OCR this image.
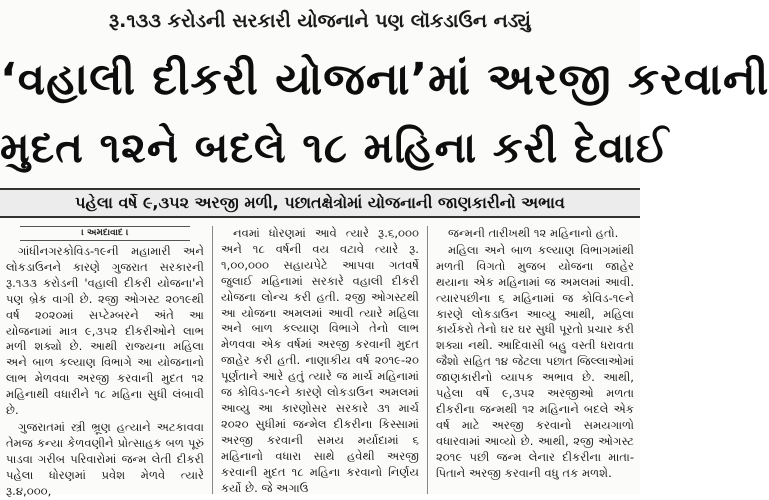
રૂ.૧૩૩ કરોડની સરકારી યોજનાને પણ લૉકડાઉન નડ્યું
‘વહાલી દીકરી યોજના’માં અરજી કરવાની
મુદત ૧૨ને બદલે ૧૮ મહિના કરી દેવાઈ
પહેલા વર્ષે ૯,૩૫૨ અરજી મળી, પછાતક્ષેત્રોમાં યોજનાની જાણકારીનો અભાવ
। અમદાવાદ ।

ગાંધીનગરકોવિડ-૧૯ની મહામારી અને લોકડાઉનને કારણે ગુજરાત સરકારની રૂ.૧૩૩ કરોડની 'વહાલી દીકરી યોજના'ને પણ બ્રેક વાગી છે. ૨જી ઓગસ્ટ ૨૦૧૯થી વર્ષ ૨૦૨૦માં સપ્ટેમ્બરને અંતે આ યોજનામાં માત્ર ૯,૩૫૨ દીકરીઓને લાભ મળી શક્યો છે. આથી રાજ્યના મહિલા અને બાળ કલ્યાણ વિભાગે આ યોજનાનો લાભ મેળવવા અરજી કરવાની મુદત ૧૨ મહિનાથી વધારીને ૧૮ મહિના સુધી લંબાવી છે.

ગુજરાતમાં સ્ત્રી ભ્રૂણ હત્યાને અટકાવવા તેમજ કન્યા કેળવણીને પ્રોત્સાહક બળ પૂરું પાડવા ગરીબ પરિવારોમાં જન્મ લેતી દીકરી પહેલા ધોરણમાં પ્રવેશ મેળવે ત્યારે રૂ.૪,૦૦૦,

નવમાં ધોરણમાં આવે ત્યારે રૂ.૬,૦૦૦ અને ૧૮ વર્ષની વય વટાવે ત્યારે રૂ. ૧,૦૦,૦૦૦ સહાયપેટે આપવા ગતવર્ષે જુલાઈ મહિનામાં સરકારે વહાલી દીકરી યોજના લોન્ચ કરી હતી. ૨જી ઓગસ્ટથી આ યોજના અમલમાં આવી ત્યારે મહિલા અને બાળ કલ્યાણ વિભાગે તેનો લાભ મેળવવા એક વર્ષમાં અરજી કરવાની મુદત જાહેર કરી હતી. નાણાકીય વર્ષ ૨૦૧૯-૨૦ પૂર્ણતાને આરે હતું ત્યારે જ માર્ચ મહિનામાં જ કોવિડ-૧૯ને કારણે લોકડાઉન અમલમાં આવ્યુ આ કારણોસર સરકારે ૩૧ માર્ચ ૨૦૨૦ સુધીમાં જન્મેલ દીકરીના કિસ્સામાં અરજી કરવાની સમય મર્યાદામાં ૬ મહિનાનો વધારા સાથે હવેથી અરજી કરવાની મુદત ૧૮ મહિના કરવાનો નિર્ણય કર્યો છે. જે અગાઉ

જન્મની તારીખથી ૧૨ મહિનાનો હતો.

મહિલા અને બાળ કલ્યાણ વિભાગમાંથી મળતી વિગતો મુજબ યોજના જાહેર થયાના એક મહિનામાં જ અમલમાં આવી. ત્યારપછીના ૬ મહિનામાં જ કોવિડ-૧૯ને કારણે લોકડાઉન આવ્યુ આથી, મહિલા કાર્યકરો તેનો ઘર ઘર સુધી પૂરતો પ્રચાર કરી શક્યા નથી. આદિવાસી બહુ વસ્તી ધરાવતા જૈશો સહિત ૧૪ જેટલા પછાત જિલ્લાઓમાં જાણકારીનો વ્યાપક અભાવ છે. આથી, પહેલા વર્ષે ૯,૩૫૨ અરજીઓ મળતા દીકરીના જન્મથી ૧૨ મહિનાને બદલે એક વર્ષ માટે અરજી કરવાનો સમયગાળો વધારવામાં આવ્યો છે. આથી, ૨જી ઓગસ્ટ ૨૦૧૯ પછી જન્મ લેનાર દીકરીના માતા-પિતાને અરજી કરવાની વધુ તક મળશે.
